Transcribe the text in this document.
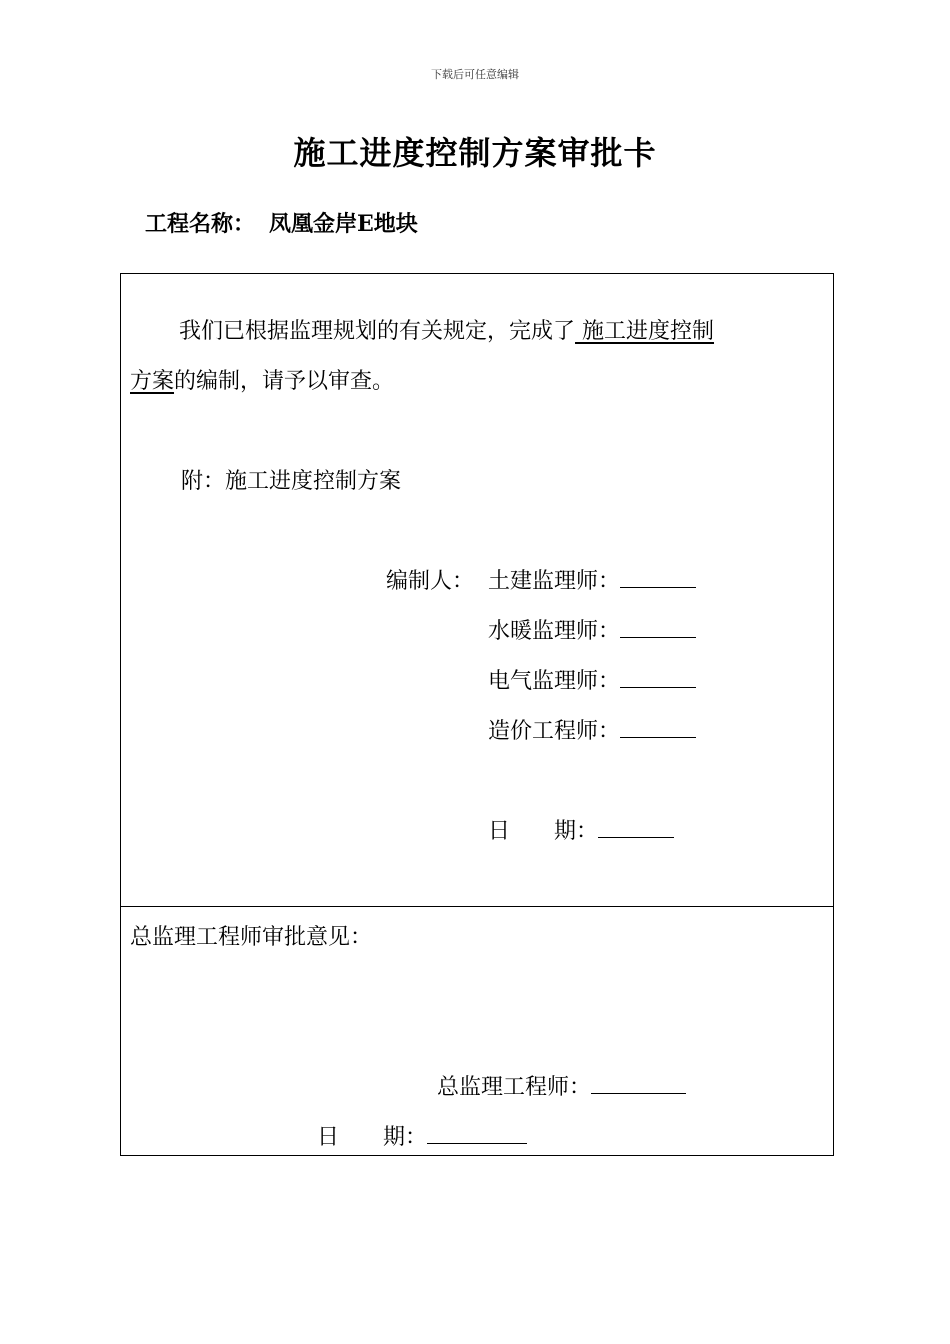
下载后可任意编辑
施工进度控制方案审批卡
工程名称： 凤凰金岸E地块
我们已根据监理规划的有关规定，完成了 施工进度控制
方案的编制，请予以审查。
附：施工进度控制方案
编制人： 土建监理师：
水暖监理师：
电气监理师：
造价工程师：
日　　期：
总监理工程师审批意见：
总监理工程师：
日　　期：
